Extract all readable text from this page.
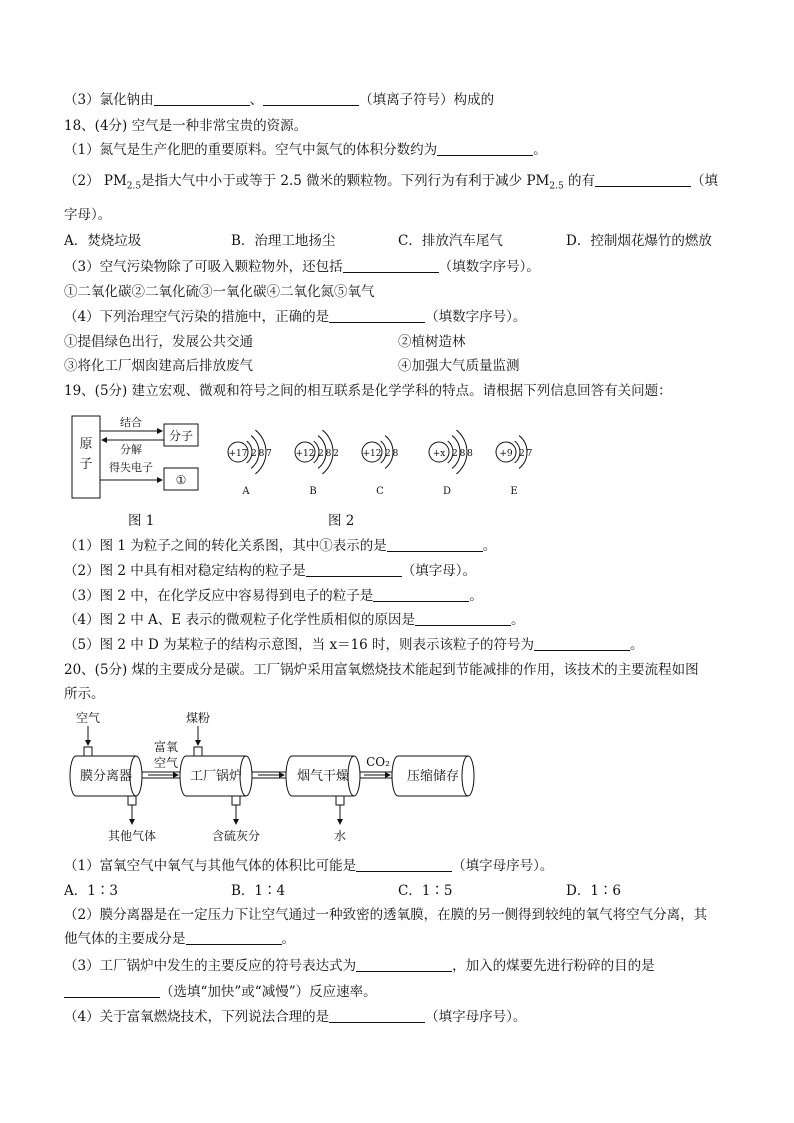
（3）氯化钠由	、	（填离子符号）构成的
18、(4分) 空气是一种非常宝贵的资源。
（1）氮气是生产化肥的重要原料。空气中氮气的体积分数约为	。
（2） $PM_{2.5}$是指大气中小于或等于 2.5 微米的颗粒物。下列行为有利于减少 $PM_{2.5}$ 的有	（填
字母）。
A．焚烧垃圾	B．治理工地扬尘	C．排放汽车尾气	D．控制烟花爆竹的燃放
（3）空气污染物除了可吸入颗粒物外，还包括	（填数字序号）。
①二氧化碳②二氧化硫③一氧化碳④二氧化氮⑤氧气
（4）下列治理空气污染的措施中，正确的是	（填数字序号）。
①提倡绿色出行，发展公共交通	②植树造林
③将化工厂烟囱建高后排放废气	④加强大气质量监测
19、(5分) 建立宏观、微观和符号之间的相互联系是化学学科的特点。请根据下列信息回答有关问题：
原
子
分子
①
结合
分解
得失电子
+17 2 8 7
A
+12 2 8 2
B
+12 2 8
C
+x 2 8 8
D
+9 2 7
E
图 1	图 2
（1）图 1 为粒子之间的转化关系图，其中①表示的是	。
（2）图 2 中具有相对稳定结构的粒子是	（填字母）。
（3）图 2 中，在化学反应中容易得到电子的粒子是	。
（4）图 2 中 A、E 表示的微观粒子化学性质相似的原因是	。
（5）图 2 中 D 为某粒子的结构示意图，当 x＝16 时，则表示该粒子的符号为	。
20、(5分) 煤的主要成分是碳。工厂锅炉采用富氧燃烧技术能起到节能减排的作用，该技术的主要流程如图
所示。
空气	煤粉
富氧
空气	CO₂
膜分离器	工厂锅炉	烟气干燥	压缩储存
其他气体	含硫灰分	水
（1）富氧空气中氧气与其他气体的体积比可能是	（填字母序号）。
A．1∶3	B．1∶4	C．1∶5	D．1∶6
（2）膜分离器是在一定压力下让空气通过一种致密的透氧膜，在膜的另一侧得到较纯的氧气将空气分离，其
他气体的主要成分是	。
（3）工厂锅炉中发生的主要反应的符号表达式为	，加入的煤要先进行粉碎的目的是
（选填“加快”或“减慢”）反应速率。
（4）关于富氧燃烧技术，下列说法合理的是	（填字母序号）。
